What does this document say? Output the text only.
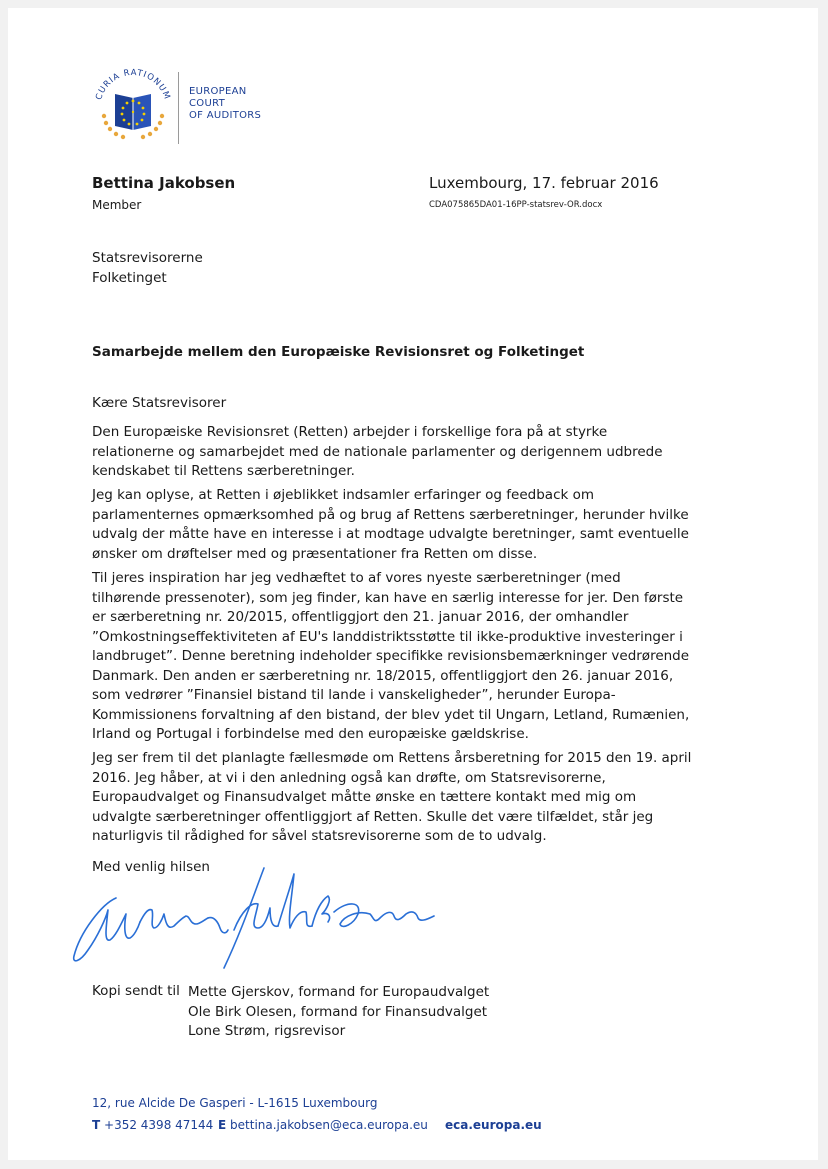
CURIA RATIONUM EUROPEAN
COURT
OF AUDITORS
Bettina Jakobsen
Member
Luxembourg, 17. februar 2016
CDA075865DA01-16PP-statsrev-OR.docx
Statsrevisorerne
Folketinget
Samarbejde mellem den Europæiske Revisionsret og Folketinget
Kære Statsrevisorer
Den Europæiske Revisionsret (Retten) arbejder i forskellige fora på at styrke relationerne og samarbejdet med de nationale parlamenter og derigennem udbrede kendskabet til Rettens særberetninger.
Jeg kan oplyse, at Retten i øjeblikket indsamler erfaringer og feedback om parlamenternes opmærksomhed på og brug af Rettens særberetninger, herunder hvilke udvalg der måtte have en interesse i at modtage udvalgte beretninger, samt eventuelle ønsker om drøftelser med og præsentationer fra Retten om disse.
Til jeres inspiration har jeg vedhæftet to af vores nyeste særberetninger (med tilhørende pressenoter), som jeg finder, kan have en særlig interesse for jer. Den første er særberetning nr. 20/2015, offentliggjort den 21. januar 2016, der omhandler ”Omkostningseffektiviteten af EU's landdistriktsstøtte til ikke-produktive investeringer i landbruget”. Denne beretning indeholder specifikke revisionsbemærkninger vedrørende Danmark. Den anden er særberetning nr. 18/2015, offentliggjort den 26. januar 2016, som vedrører ”Finansiel bistand til lande i vanskeligheder”, herunder Europa-Kommissionens forvaltning af den bistand, der blev ydet til Ungarn, Letland, Rumænien, Irland og Portugal i forbindelse med den europæiske gældskrise.
Jeg ser frem til det planlagte fællesmøde om Rettens årsberetning for 2015 den 19. april 2016. Jeg håber, at vi i den anledning også kan drøfte, om Statsrevisorerne, Europaudvalget og Finansudvalget måtte ønske en tættere kontakt med mig om udvalgte særberetninger offentliggjort af Retten. Skulle det være tilfældet, står jeg naturligvis til rådighed for såvel statsrevisorerne som de to udvalg.
Med venlig hilsen
Kopi sendt til Mette Gjerskov, formand for Europaudvalget
Ole Birk Olesen, formand for Finansudvalget
Lone Strøm, rigsrevisor
12, rue Alcide De Gasperi - L-1615 Luxembourg
T +352 4398 47144 E bettina.jakobsen@eca.europa.eu eca.europa.eu
